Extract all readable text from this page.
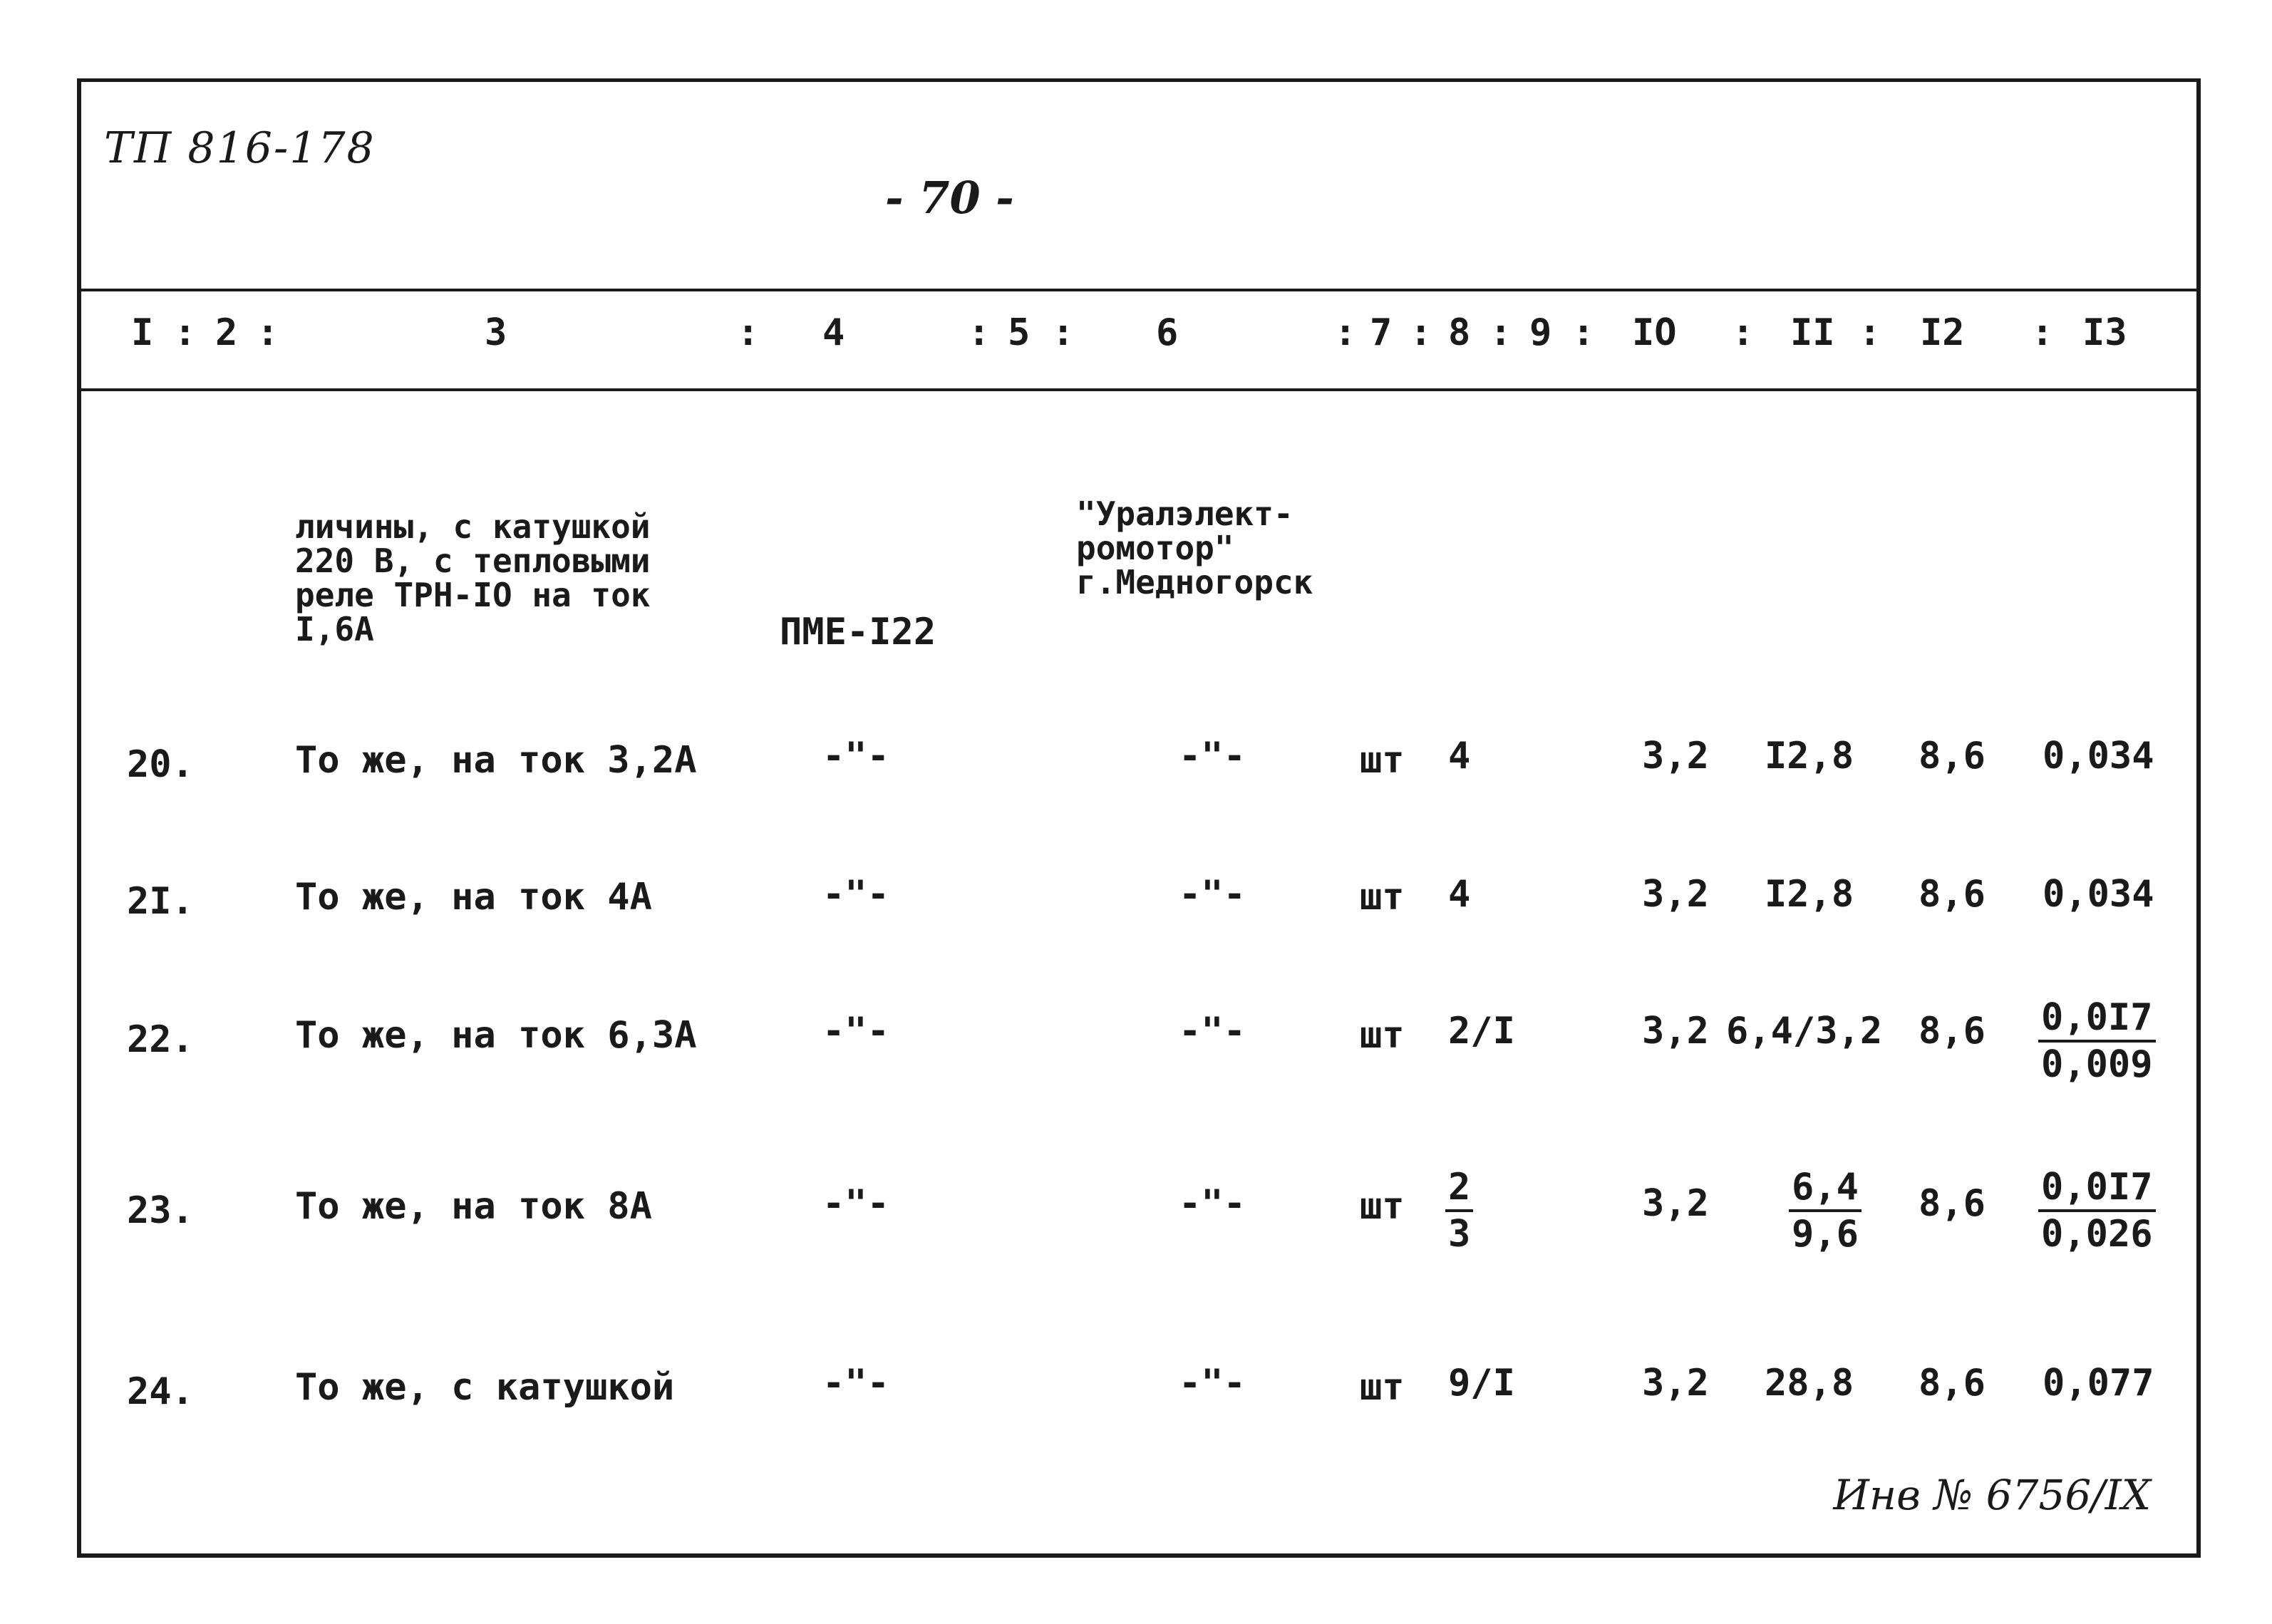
ТП 816-178
- 70 -
I : 2 :	3	: 4	: 5 : 6	: 7 : 8 : 9 : IO : II : I2 : I3
личины, с катушкой
220 В, с тепловыми
реле ТРН-IO на ток
I,6А	ПМЕ-I22
"Уралэлект-
ромотор"
г.Медногорск
20.	То же, на ток 3,2А	-"-	-"-	шт 4	3,2 I2,8 8,6 0,034
2I.	То же, на ток 4А	-"-	-"-	шт 4	3,2 I2,8 8,6 0,034
22.	То же, на ток 6,3А	-"-	-"-	шт 2/I	3,2 6,4/3,2 $8,6 \frac{0,0I7}{0,009}$
23.	То же, на ток 8А	-"-	-"-	шт $\frac{2}{3}$	$3,2 \frac{6,4}{9,6} 8,6 \frac{0,0I7}{0,026}$
24.	То же, с катушкой	-"-	-"-	шт 9/I	3,2 28,8 8,6 0,077
Инв № 6756/IX
